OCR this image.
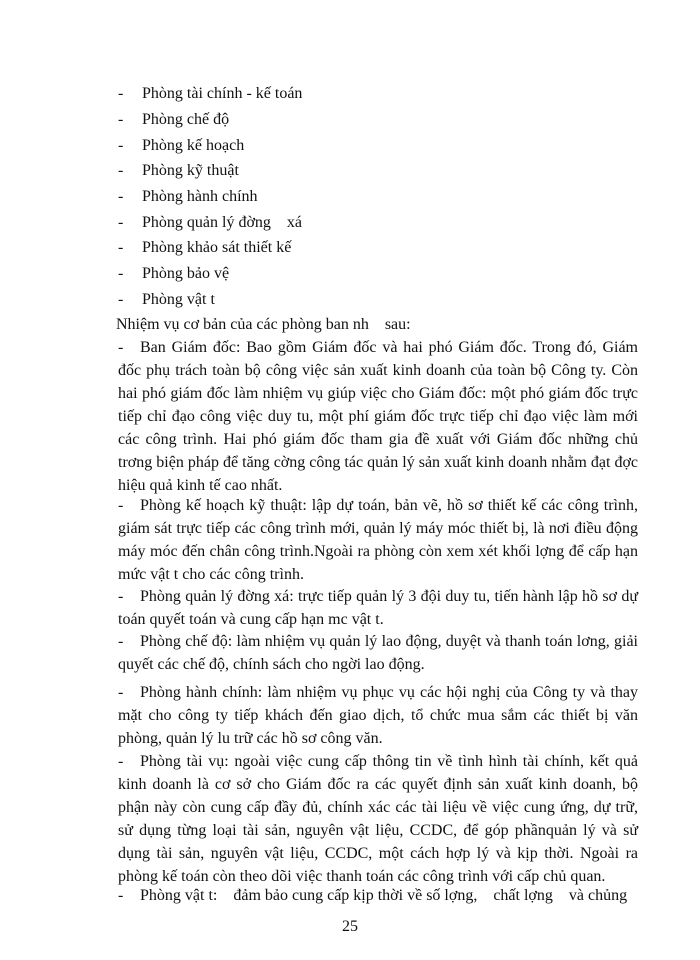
- Phòng tài chính - kế toán
- Phòng chế độ
- Phòng kế hoạch
- Phòng kỹ thuật
- Phòng hành chính
- Phòng quản lý đờng    xá
- Phòng khảo sát thiết kế
- Phòng bảo vệ
- Phòng vật t
Nhiệm vụ cơ bản của các phòng ban nh    sau:
- Ban Giám đốc: Bao gồm Giám đốc và hai phó Giám đốc. Trong đó, Giám đốc phụ trách toàn bộ công việc sản xuất kinh doanh của toàn bộ Công ty. Còn hai phó giám đốc làm nhiệm vụ giúp việc cho Giám đốc: một phó giám đốc trực tiếp chỉ đạo công việc duy tu, một phí giám đốc trực tiếp chỉ đạo việc làm mới các công trình. Hai phó giám đốc tham gia đề xuất với Giám đốc những chủ trơng biện pháp để tăng cờng công tác quản lý sản xuất kinh doanh nhằm đạt đợc hiệu quả kinh tế cao nhất.
- Phòng kế hoạch kỹ thuật: lập dự toán, bản vẽ, hồ sơ thiết kế các công trình, giám sát trực tiếp các công trình mới, quản lý máy móc thiết bị, là nơi điều động máy móc đến chân công trình.Ngoài ra phòng còn xem xét khối lợng để cấp hạn mức vật t cho các công trình.
- Phòng quản lý đờng xá: trực tiếp quản lý 3 đội duy tu, tiến hành lập hồ sơ dự toán quyết toán và cung cấp hạn mc vật t.
- Phòng chế độ: làm nhiệm vụ quản lý lao động, duyệt và thanh toán lơng, giải quyết các chế độ, chính sách cho ngời lao động.
- Phòng hành chính: làm nhiệm vụ phục vụ các hội nghị của Công ty và thay mặt cho công ty tiếp khách đến giao dịch, tổ chức mua sắm các thiết bị văn phòng, quản lý lu trữ các hồ sơ công văn.
- Phòng tài vụ: ngoài việc cung cấp thông tin về tình hình tài chính, kết quả kinh doanh là cơ sở cho Giám đốc ra các quyết định sản xuất kinh doanh, bộ phận này còn cung cấp đầy đủ, chính xác các tài liệu về việc cung ứng, dự trữ, sử dụng từng loại tài sản, nguyên vật liệu, CCDC, để góp phầnquản lý và sử dụng tài sản, nguyên vật liệu, CCDC, một cách hợp lý và kịp thời. Ngoài ra phòng kế toán còn theo dõi việc thanh toán các công trình với cấp chủ quan.
- Phòng vật t:    đảm bảo cung cấp kịp thời về số lợng,    chất lợng    và chủng
25
